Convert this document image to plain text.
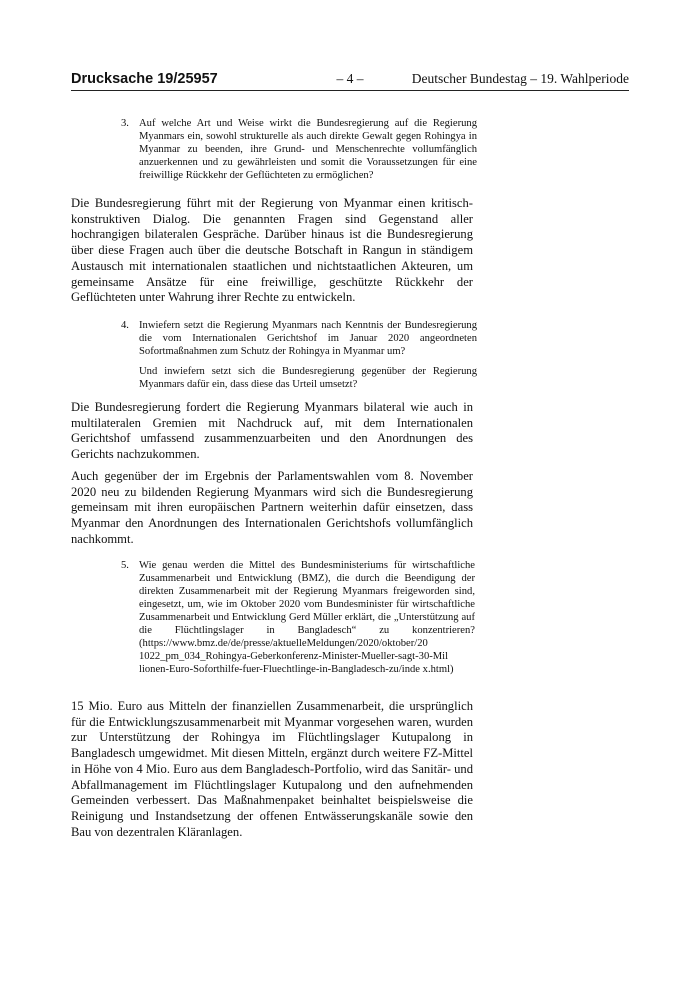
Drucksache 19/25957	– 4 –	Deutscher Bundestag – 19. Wahlperiode
3. Auf welche Art und Weise wirkt die Bundesregierung auf die Regierung Myanmars ein, sowohl strukturelle als auch direkte Gewalt gegen Rohingya in Myanmar zu beenden, ihre Grund- und Menschenrechte vollumfänglich anzuerkennen und zu gewährleisten und somit die Voraussetzungen für eine freiwillige Rückkehr der Geflüchteten zu ermöglichen?

Die Bundesregierung führt mit der Regierung von Myanmar einen kritisch-konstruktiven Dialog. Die genannten Fragen sind Gegenstand aller hochrangigen bilateralen Gespräche. Darüber hinaus ist die Bundesregierung über diese Fragen auch über die deutsche Botschaft in Rangun in ständigem Austausch mit internationalen staatlichen und nichtstaatlichen Akteuren, um gemeinsame Ansätze für eine freiwillige, geschützte Rückkehr der Geflüchteten unter Wahrung ihrer Rechte zu entwickeln.

4. Inwiefern setzt die Regierung Myanmars nach Kenntnis der Bundesregierung die vom Internationalen Gerichtshof im Januar 2020 angeordneten Sofortmaßnahmen zum Schutz der Rohingya in Myanmar um?

Und inwiefern setzt sich die Bundesregierung gegenüber der Regierung Myanmars dafür ein, dass diese das Urteil umsetzt?

Die Bundesregierung fordert die Regierung Myanmars bilateral wie auch in multilateralen Gremien mit Nachdruck auf, mit dem Internationalen Gerichtshof umfassend zusammenzuarbeiten und den Anordnungen des Gerichts nachzukommen.

Auch gegenüber der im Ergebnis der Parlamentswahlen vom 8. November 2020 neu zu bildenden Regierung Myanmars wird sich die Bundesregierung gemeinsam mit ihren europäischen Partnern weiterhin dafür einsetzen, dass Myanmar den Anordnungen des Internationalen Gerichtshofs vollumfänglich nachkommt.

5. Wie genau werden die Mittel des Bundesministeriums für wirtschaftliche Zusammenarbeit und Entwicklung (BMZ), die durch die Beendigung der direkten Zusammenarbeit mit der Regierung Myanmars freigeworden sind, eingesetzt, um, wie im Oktober 2020 vom Bundesminister für wirtschaftliche Zusammenarbeit und Entwicklung Gerd Müller erklärt, die „Unterstützung auf die Flüchtlingslager in Bangladesch“ zu konzentrieren? (https://www.bmz.de/de/presse/aktuelleMeldungen/2020/oktober/20 1022_pm_034_Rohingya-Geberkonferenz-Minister-Mueller-sagt-30-Mil lionen-Euro-Soforthilfe-fuer-Fluechtlinge-in-Bangladesch-zu/inde x.html)

15 Mio. Euro aus Mitteln der finanziellen Zusammenarbeit, die ursprünglich für die Entwicklungszusammenarbeit mit Myanmar vorgesehen waren, wurden zur Unterstützung der Rohingya im Flüchtlingslager Kutupalong in Bangladesch umgewidmet. Mit diesen Mitteln, ergänzt durch weitere FZ-Mittel in Höhe von 4 Mio. Euro aus dem Bangladesch-Portfolio, wird das Sanitär- und Abfallmanagement im Flüchtlingslager Kutupalong und den aufnehmenden Gemeinden verbessert. Das Maßnahmenpaket beinhaltet beispielsweise die Reinigung und Instandsetzung der offenen Entwässerungskanäle sowie den Bau von dezentralen Kläranlagen.
